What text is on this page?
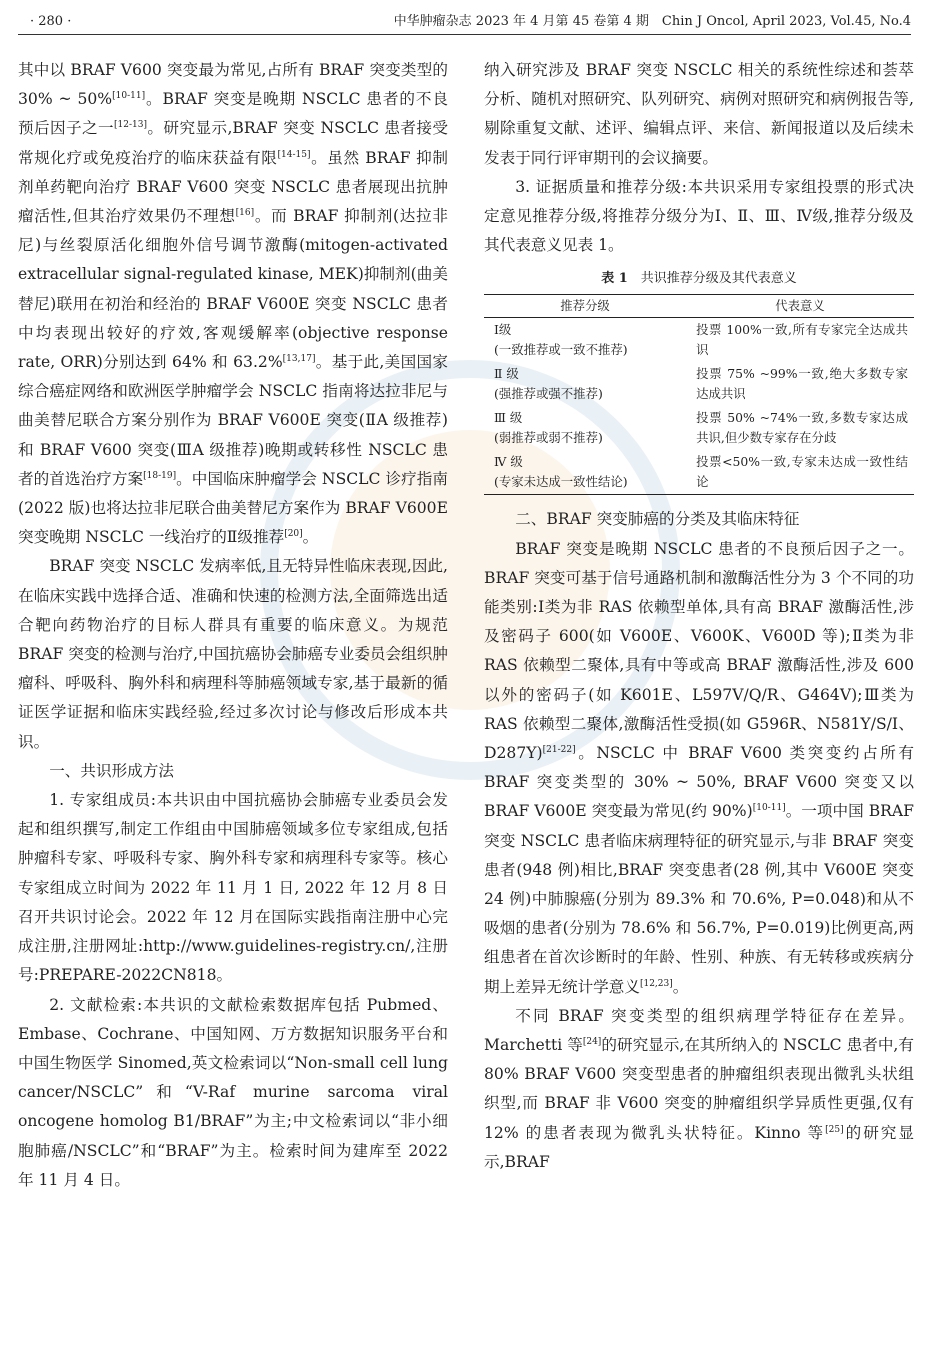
· 280 ·	中华肿瘤杂志 2023 年 4 月第 45 卷第 4 期　Chin J Oncol, April 2023, Vol.45, No.4

其中以 BRAF V600 突变最为常见,占所有 BRAF 突变类型的 30% ~ 50%[10-11]。BRAF 突变是晚期 NSCLC 患者的不良预后因子之一[12-13]。研究显示,BRAF 突变 NSCLC 患者接受常规化疗或免疫治疗的临床获益有限[14-15]。虽然 BRAF 抑制剂单药靶向治疗 BRAF V600 突变 NSCLC 患者展现出抗肿瘤活性,但其治疗效果仍不理想[16]。而 BRAF 抑制剂(达拉非尼)与丝裂原活化细胞外信号调节激酶(mitogen-activated extracellular signal-regulated kinase, MEK)抑制剂(曲美替尼)联用在初治和经治的 BRAF V600E 突变 NSCLC 患者中均表现出较好的疗效,客观缓解率(objective response rate, ORR)分别达到 64% 和 63.2%[13,17]。基于此,美国国家综合癌症网络和欧洲医学肿瘤学会 NSCLC 指南将达拉非尼与曲美替尼联合方案分别作为 BRAF V600E 突变(ⅡA 级推荐)和 BRAF V600 突变(ⅢA 级推荐)晚期或转移性 NSCLC 患者的首选治疗方案[18-19]。中国临床肿瘤学会 NSCLC 诊疗指南(2022 版)也将达拉非尼联合曲美替尼方案作为 BRAF V600E 突变晚期 NSCLC 一线治疗的Ⅱ级推荐[20]。

BRAF 突变 NSCLC 发病率低,且无特异性临床表现,因此,在临床实践中选择合适、准确和快速的检测方法,全面筛选出适合靶向药物治疗的目标人群具有重要的临床意义。为规范 BRAF 突变的检测与治疗,中国抗癌协会肺癌专业委员会组织肿瘤科、呼吸科、胸外科和病理科等肺癌领域专家,基于最新的循证医学证据和临床实践经验,经过多次讨论与修改后形成本共识。

一、共识形成方法

1. 专家组成员:本共识由中国抗癌协会肺癌专业委员会发起和组织撰写,制定工作组由中国肺癌领域多位专家组成,包括肿瘤科专家、呼吸科专家、胸外科专家和病理科专家等。核心专家组成立时间为 2022 年 11 月 1 日, 2022 年 12 月 8 日召开共识讨论会。2022 年 12 月在国际实践指南注册中心完成注册,注册网址:http://www.guidelines-registry.cn/,注册号:PREPARE-2022CN818。

2. 文献检索:本共识的文献检索数据库包括 Pubmed、Embase、Cochrane、中国知网、万方数据知识服务平台和中国生物医学 Sinomed,英文检索词以“Non-small cell lung cancer/NSCLC”和“V-Raf murine sarcoma viral oncogene homolog B1/BRAF”为主;中文检索词以“非小细胞肺癌/NSCLC”和“BRAF”为主。检索时间为建库至 2022 年 11 月 4 日。

纳入研究涉及 BRAF 突变 NSCLC 相关的系统性综述和荟萃分析、随机对照研究、队列研究、病例对照研究和病例报告等,剔除重复文献、述评、编辑点评、来信、新闻报道以及后续未发表于同行评审期刊的会议摘要。

3. 证据质量和推荐分级:本共识采用专家组投票的形式决定意见推荐分级,将推荐分级分为Ⅰ、Ⅱ、Ⅲ、Ⅳ级,推荐分级及其代表意义见表 1。

表 1　 共识推荐分级及其代表意义
推荐分级	代表意义
Ⅰ级
(一致推荐或一致不推荐)	投票 100%一致,所有专家完全达成共识
Ⅱ 级
(强推荐或强不推荐)	投票 75% ~99%一致,绝大多数专家达成共识
Ⅲ 级
(弱推荐或弱不推荐)	投票 50% ~74%一致,多数专家达成共识,但少数专家存在分歧
Ⅳ 级
(专家未达成一致性结论)	投票<50%一致,专家未达成一致性结论

二、BRAF 突变肺癌的分类及其临床特征

BRAF 突变是晚期 NSCLC 患者的不良预后因子之一。BRAF 突变可基于信号通路机制和激酶活性分为 3 个不同的功能类别:Ⅰ类为非 RAS 依赖型单体,具有高 BRAF 激酶活性,涉及密码子 600(如 V600E、V600K、V600D 等);Ⅱ类为非 RAS 依赖型二聚体,具有中等或高 BRAF 激酶活性,涉及 600 以外的密码子(如 K601E、L597V/Q/R、G464V);Ⅲ类为 RAS 依赖型二聚体,激酶活性受损(如 G596R、N581Y/S/I、D287Y)[21-22]。NSCLC 中 BRAF V600 类突变约占所有 BRAF 突变类型的 30% ~ 50%, BRAF V600 突变又以 BRAF V600E 突变最为常见(约 90%)[10-11]。一项中国 BRAF 突变 NSCLC 患者临床病理特征的研究显示,与非 BRAF 突变患者(948 例)相比,BRAF 突变患者(28 例,其中 V600E 突变 24 例)中肺腺癌(分别为 89.3% 和 70.6%, P=0.048)和从不吸烟的患者(分别为 78.6% 和 56.7%, P=0.019)比例更高,两组患者在首次诊断时的年龄、性别、种族、有无转移或疾病分期上差异无统计学意义[12,23]。

不同 BRAF 突变类型的组织病理学特征存在差异。Marchetti 等[24]的研究显示,在其所纳入的 NSCLC 患者中,有 80% BRAF V600 突变型患者的肿瘤组织表现出微乳头状组织型,而 BRAF 非 V600 突变的肿瘤组织学异质性更强,仅有 12% 的患者表现为微乳头状特征。Kinno 等[25]的研究显示,BRAF
